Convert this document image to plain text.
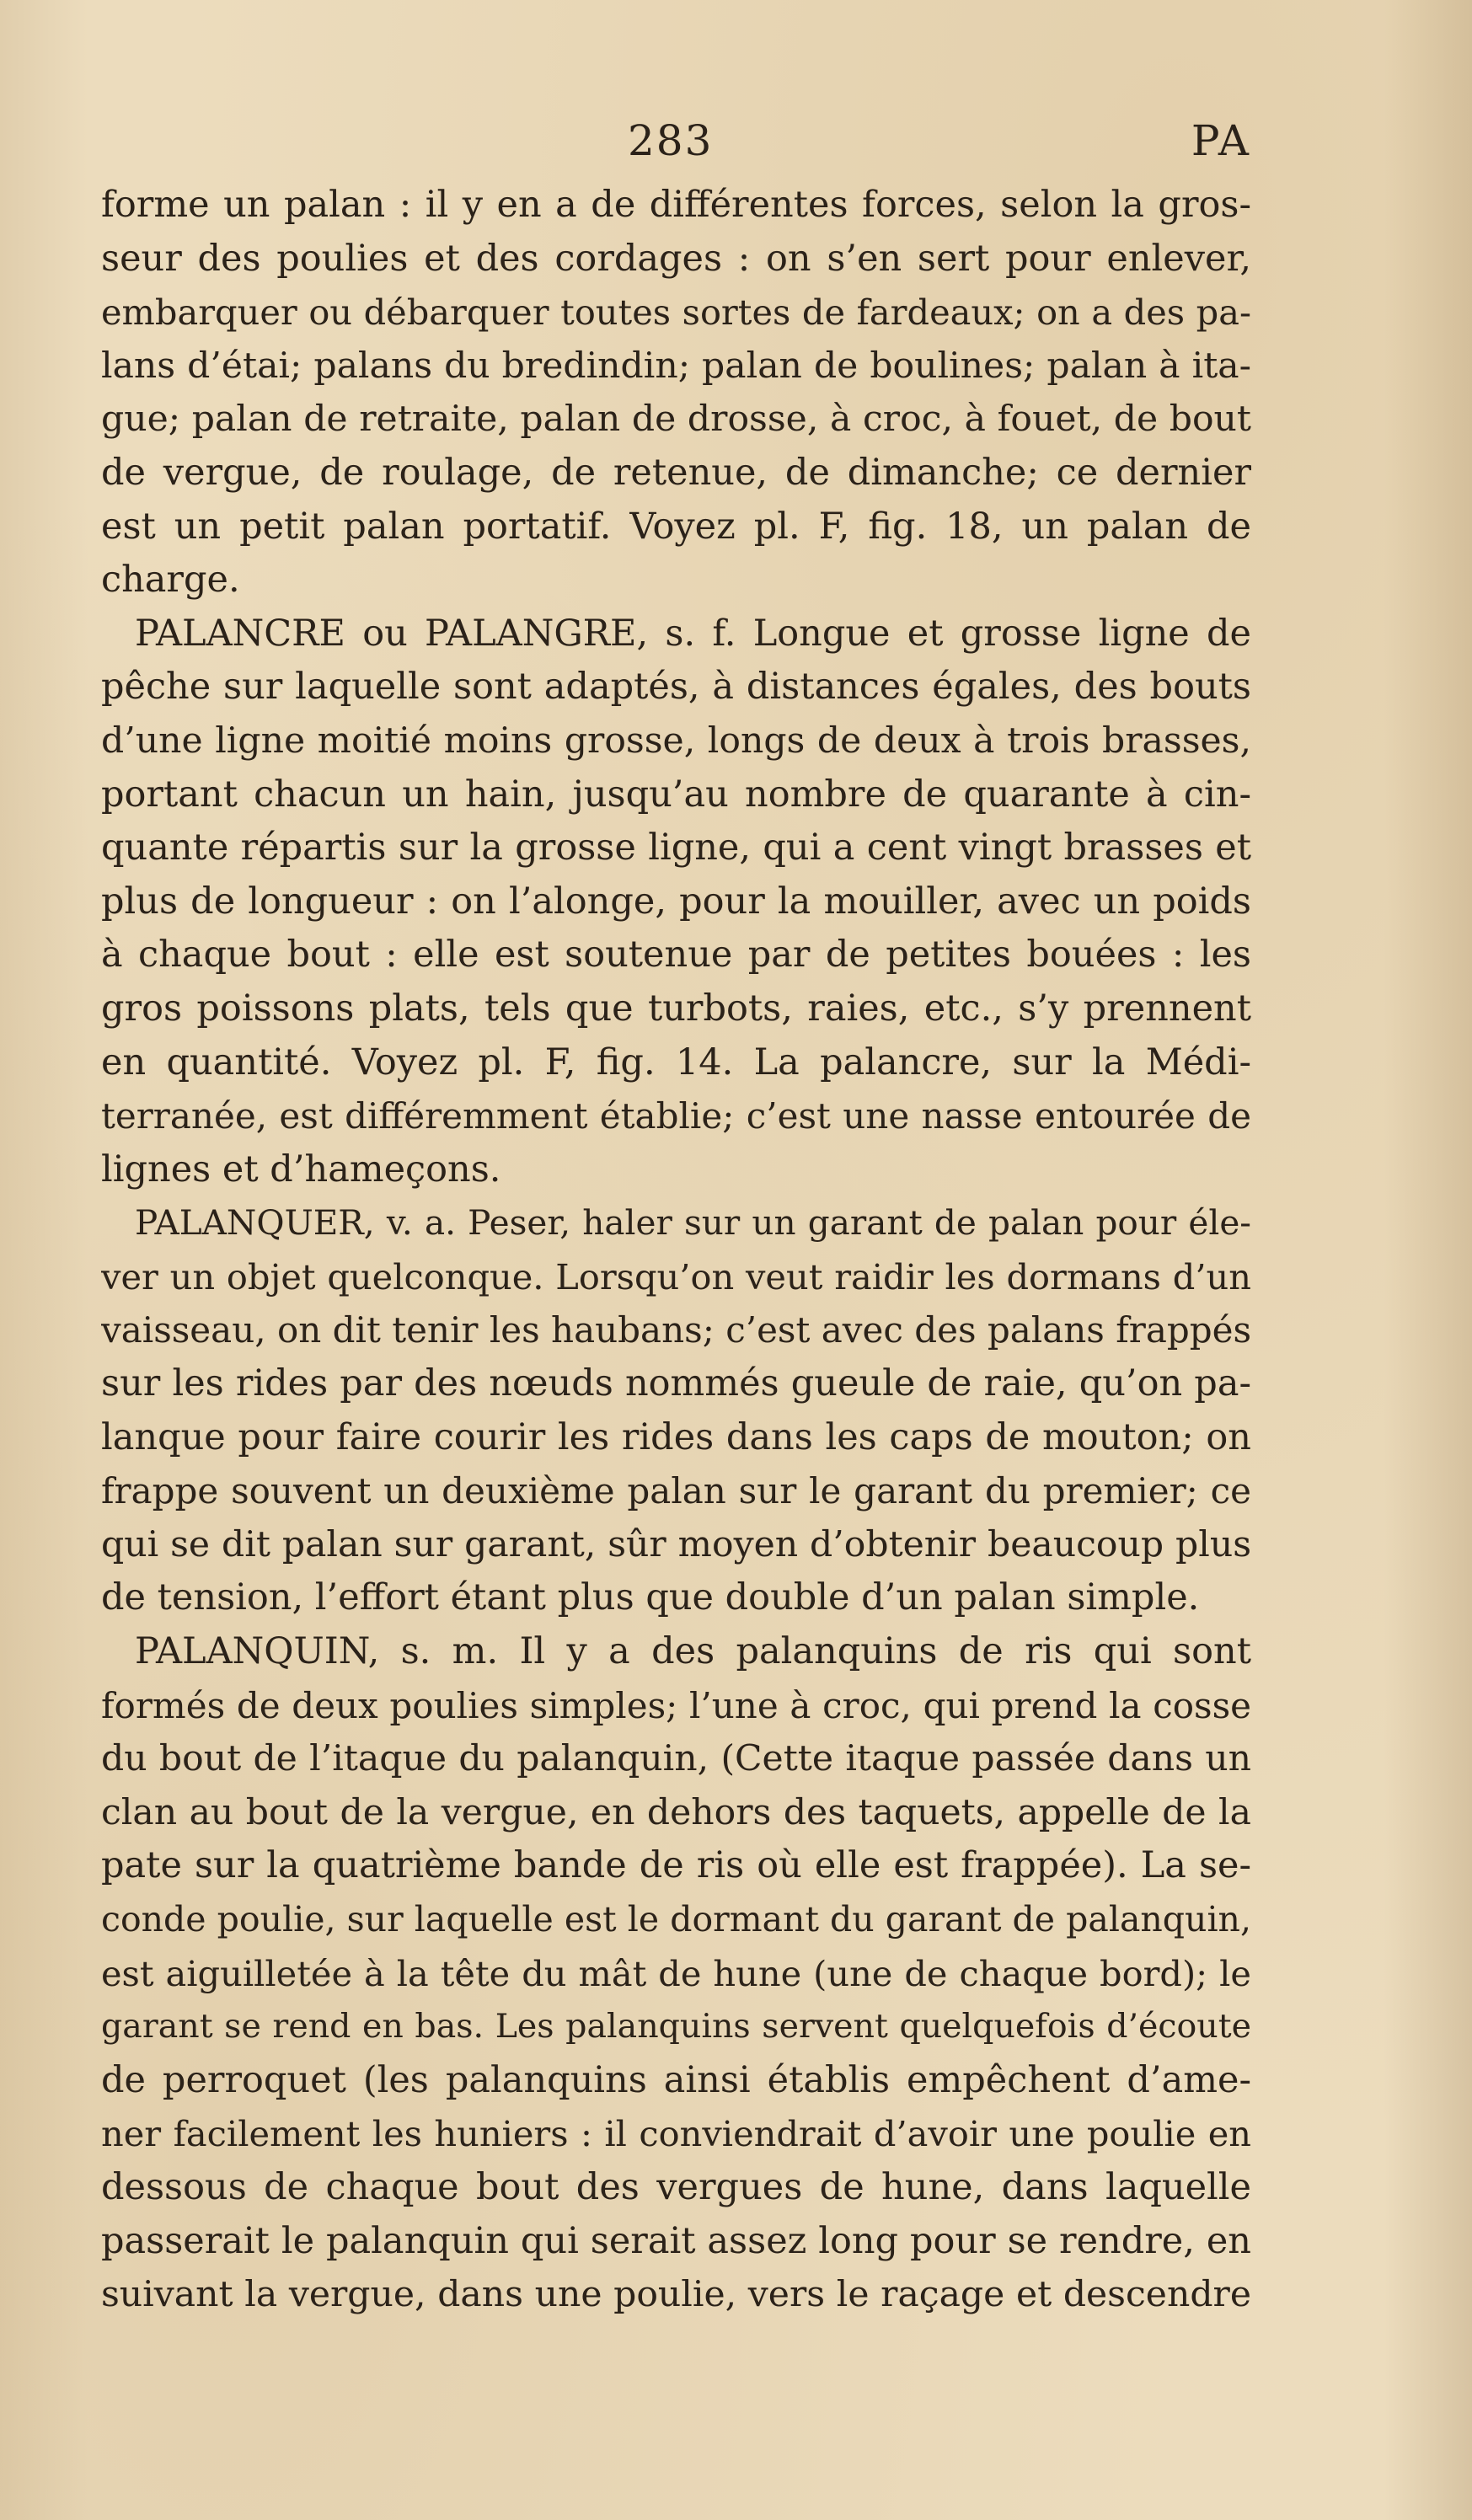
283	PA
forme un palan : il y en a de différentes forces, selon la gros-
seur des poulies et des cordages : on s’en sert pour enlever,
embarquer ou débarquer toutes sortes de fardeaux; on a des pa-
lans d’étai; palans du bredindin; palan de boulines; palan à ita-
gue; palan de retraite, palan de drosse, à croc, à fouet, de bout
de vergue, de roulage, de retenue, de dimanche; ce dernier
est un petit palan portatif. Voyez pl. F, fig. 18, un palan de
charge.
PALANCRE ou PALANGRE, s. f. Longue et grosse ligne de
pêche sur laquelle sont adaptés, à distances égales, des bouts
d’une ligne moitié moins grosse, longs de deux à trois brasses,
portant chacun un hain, jusqu’au nombre de quarante à cin-
quante répartis sur la grosse ligne, qui a cent vingt brasses et
plus de longueur : on l’alonge, pour la mouiller, avec un poids
à chaque bout : elle est soutenue par de petites bouées : les
gros poissons plats, tels que turbots, raies, etc., s’y prennent
en quantité. Voyez pl. F, fig. 14. La palancre, sur la Médi-
terranée, est différemment établie; c’est une nasse entourée de
lignes et d’hameçons.
PALANQUER, v. a. Peser, haler sur un garant de palan pour éle-
ver un objet quelconque. Lorsqu’on veut raidir les dormans d’un
vaisseau, on dit tenir les haubans; c’est avec des palans frappés
sur les rides par des nœuds nommés gueule de raie, qu’on pa-
lanque pour faire courir les rides dans les caps de mouton; on
frappe souvent un deuxième palan sur le garant du premier; ce
qui se dit palan sur garant, sûr moyen d’obtenir beaucoup plus
de tension, l’effort étant plus que double d’un palan simple.
PALANQUIN, s. m. Il y a des palanquins de ris qui sont
formés de deux poulies simples; l’une à croc, qui prend la cosse
du bout de l’itaque du palanquin, (Cette itaque passée dans un
clan au bout de la vergue, en dehors des taquets, appelle de la
pate sur la quatrième bande de ris où elle est frappée). La se-
conde poulie, sur laquelle est le dormant du garant de palanquin,
est aiguilletée à la tête du mât de hune (une de chaque bord); le
garant se rend en bas. Les palanquins servent quelquefois d’écoute
de perroquet (les palanquins ainsi établis empêchent d’ame-
ner facilement les huniers : il conviendrait d’avoir une poulie en
dessous de chaque bout des vergues de hune, dans laquelle
passerait le palanquin qui serait assez long pour se rendre, en
suivant la vergue, dans une poulie, vers le raçage et descendre
